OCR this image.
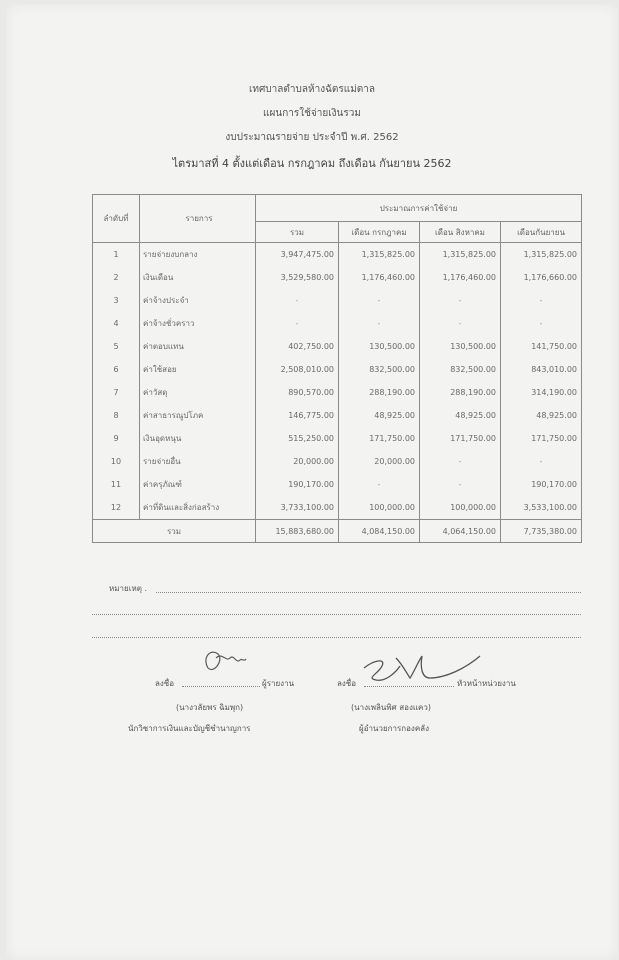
เทศบาลตำบลห้างฉัตรแม่ตาล
แผนการใช้จ่ายเงินรวม
งบประมาณรายจ่าย ประจำปี พ.ศ. 2562
ไตรมาสที่ 4 ตั้งแต่เดือน กรกฎาคม ถึงเดือน กันยายน 2562
ลำดับที่	รายการ	ประมาณการค่าใช้จ่าย			
		รวม	เดือน กรกฎาคม	เดือน สิงหาคม	เดือนกันยายน
1	รายจ่ายงบกลาง	3,947,475.00	1,315,825.00	1,315,825.00	1,315,825.00
2	เงินเดือน	3,529,580.00	1,176,460.00	1,176,460.00	1,176,660.00
3	ค่าจ้างประจำ	-	-	-	-
4	ค่าจ้างชั่วคราว	-	-	-	-
5	ค่าตอบแทน	402,750.00	130,500.00	130,500.00	141,750.00
6	ค่าใช้สอย	2,508,010.00	832,500.00	832,500.00	843,010.00
7	ค่าวัสดุ	890,570.00	288,190.00	288,190.00	314,190.00
8	ค่าสาธารณูปโภค	146,775.00	48,925.00	48,925.00	48,925.00
9	เงินอุดหนุน	515,250.00	171,750.00	171,750.00	171,750.00
10	รายจ่ายอื่น	20,000.00	20,000.00	-	-
11	ค่าครุภัณฑ์	190,170.00	-	-	190,170.00
12	ค่าที่ดินและสิ่งก่อสร้าง	3,733,100.00	100,000.00	100,000.00	3,533,100.00
รวม		15,883,680.00	4,084,150.00	4,064,150.00	7,735,380.00
หมายเหตุ .
ลงชื่อ	ผู้รายงาน
(นางวลัยพร ฉิมพุก)
นักวิชาการเงินและบัญชีชำนาญการ
ลงชื่อ	หัวหน้าหน่วยงาน
(นางเพลินพิศ สองแคว)
ผู้อำนวยการกองคลัง
